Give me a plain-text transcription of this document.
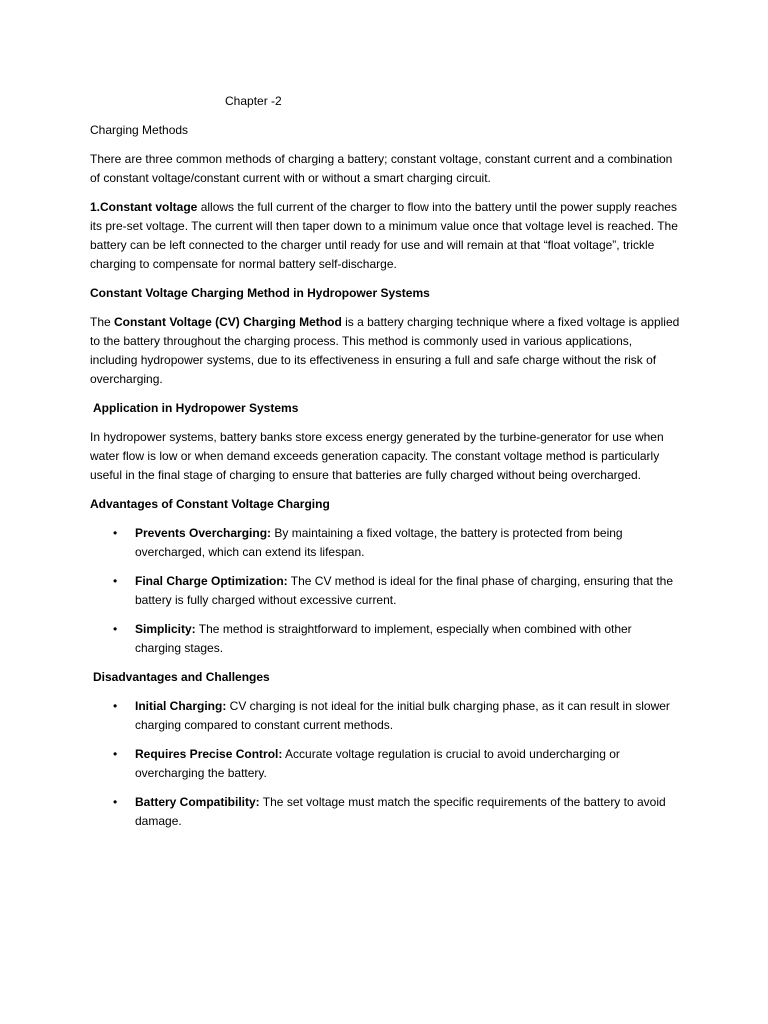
Chapter -2

Charging Methods

There are three common methods of charging a battery; constant voltage, constant current and a combination of constant voltage/constant current with or without a smart charging circuit.

1.Constant voltage allows the full current of the charger to flow into the battery until the power supply reaches its pre-set voltage. The current will then taper down to a minimum value once that voltage level is reached. The battery can be left connected to the charger until ready for use and will remain at that “float voltage”, trickle charging to compensate for normal battery self-discharge.

Constant Voltage Charging Method in Hydropower Systems

The Constant Voltage (CV) Charging Method is a battery charging technique where a fixed voltage is applied to the battery throughout the charging process. This method is commonly used in various applications, including hydropower systems, due to its effectiveness in ensuring a full and safe charge without the risk of overcharging.

Application in Hydropower Systems

In hydropower systems, battery banks store excess energy generated by the turbine-generator for use when water flow is low or when demand exceeds generation capacity. The constant voltage method is particularly useful in the final stage of charging to ensure that batteries are fully charged without being overcharged.

Advantages of Constant Voltage Charging
• Prevents Overcharging: By maintaining a fixed voltage, the battery is protected from being overcharged, which can extend its lifespan.
• Final Charge Optimization: The CV method is ideal for the final phase of charging, ensuring that the battery is fully charged without excessive current.
• Simplicity: The method is straightforward to implement, especially when combined with other charging stages.
Disadvantages and Challenges
• Initial Charging: CV charging is not ideal for the initial bulk charging phase, as it can result in slower charging compared to constant current methods.
• Requires Precise Control: Accurate voltage regulation is crucial to avoid undercharging or overcharging the battery.
• Battery Compatibility: The set voltage must match the specific requirements of the battery to avoid damage.
